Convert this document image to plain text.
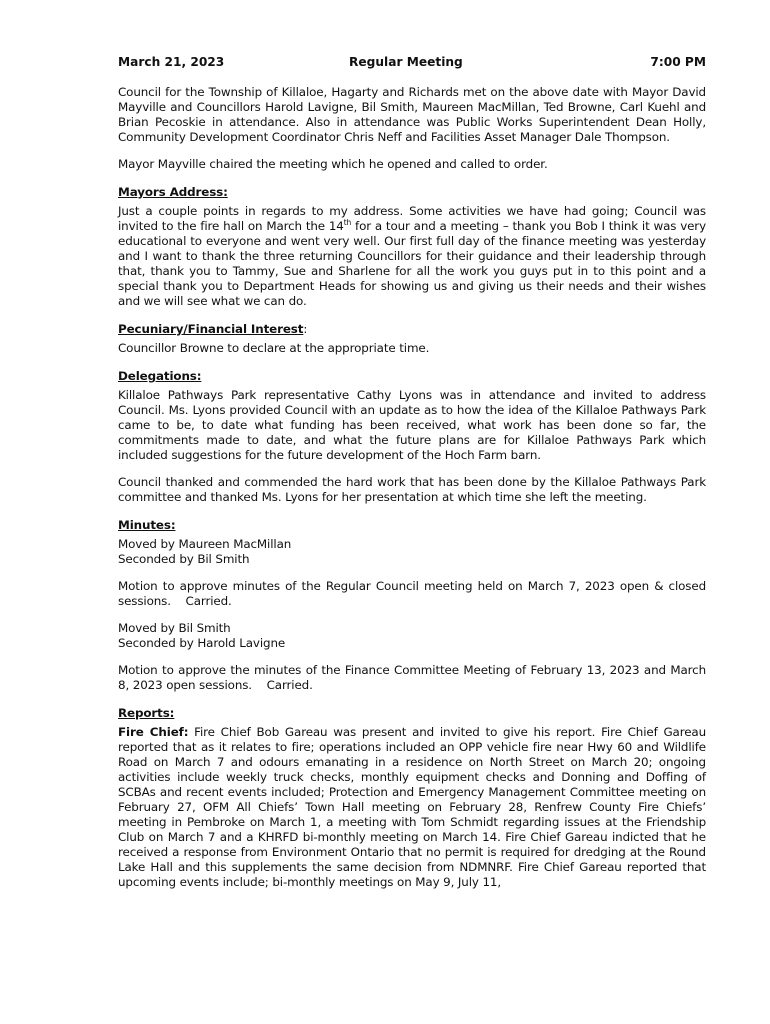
March 21, 2023	Regular Meeting	7:00 PM

Council for the Township of Killaloe, Hagarty and Richards met on the above date with Mayor David Mayville and Councillors Harold Lavigne, Bil Smith, Maureen MacMillan, Ted Browne, Carl Kuehl and Brian Pecoskie in attendance. Also in attendance was Public Works Superintendent Dean Holly, Community Development Coordinator Chris Neff and Facilities Asset Manager Dale Thompson.

Mayor Mayville chaired the meeting which he opened and called to order.

Mayors Address:

Just a couple points in regards to my address. Some activities we have had going; Council was invited to the fire hall on March the 14th for a tour and a meeting – thank you Bob I think it was very educational to everyone and went very well. Our first full day of the finance meeting was yesterday and I want to thank the three returning Councillors for their guidance and their leadership through that, thank you to Tammy, Sue and Sharlene for all the work you guys put in to this point and a special thank you to Department Heads for showing us and giving us their needs and their wishes and we will see what we can do.

Pecuniary/Financial Interest:

Councillor Browne to declare at the appropriate time.

Delegations:

Killaloe Pathways Park representative Cathy Lyons was in attendance and invited to address Council. Ms. Lyons provided Council with an update as to how the idea of the Killaloe Pathways Park came to be, to date what funding has been received, what work has been done so far, the commitments made to date, and what the future plans are for Killaloe Pathways Park which included suggestions for the future development of the Hoch Farm barn.

Council thanked and commended the hard work that has been done by the Killaloe Pathways Park committee and thanked Ms. Lyons for her presentation at which time she left the meeting.

Minutes:

Moved by Maureen MacMillan

Seconded by Bil Smith

Motion to approve minutes of the Regular Council meeting held on March 7, 2023 open & closed sessions.    Carried.

Moved by Bil Smith

Seconded by Harold Lavigne

Motion to approve the minutes of the Finance Committee Meeting of February 13, 2023 and March 8, 2023 open sessions.    Carried.

Reports:

Fire Chief: Fire Chief Bob Gareau was present and invited to give his report. Fire Chief Gareau reported that as it relates to fire; operations included an OPP vehicle fire near Hwy 60 and Wildlife Road on March 7 and odours emanating in a residence on North Street on March 20; ongoing activities include weekly truck checks, monthly equipment checks and Donning and Doffing of SCBAs and recent events included; Protection and Emergency Management Committee meeting on February 27, OFM All Chiefs’ Town Hall meeting on February 28, Renfrew County Fire Chiefs’ meeting in Pembroke on March 1, a meeting with Tom Schmidt regarding issues at the Friendship Club on March 7 and a KHRFD bi-monthly meeting on March 14. Fire Chief Gareau indicted that he received a response from Environment Ontario that no permit is required for dredging at the Round Lake Hall and this supplements the same decision from NDMNRF. Fire Chief Gareau reported that upcoming events include; bi-monthly meetings on May 9, July 11,
